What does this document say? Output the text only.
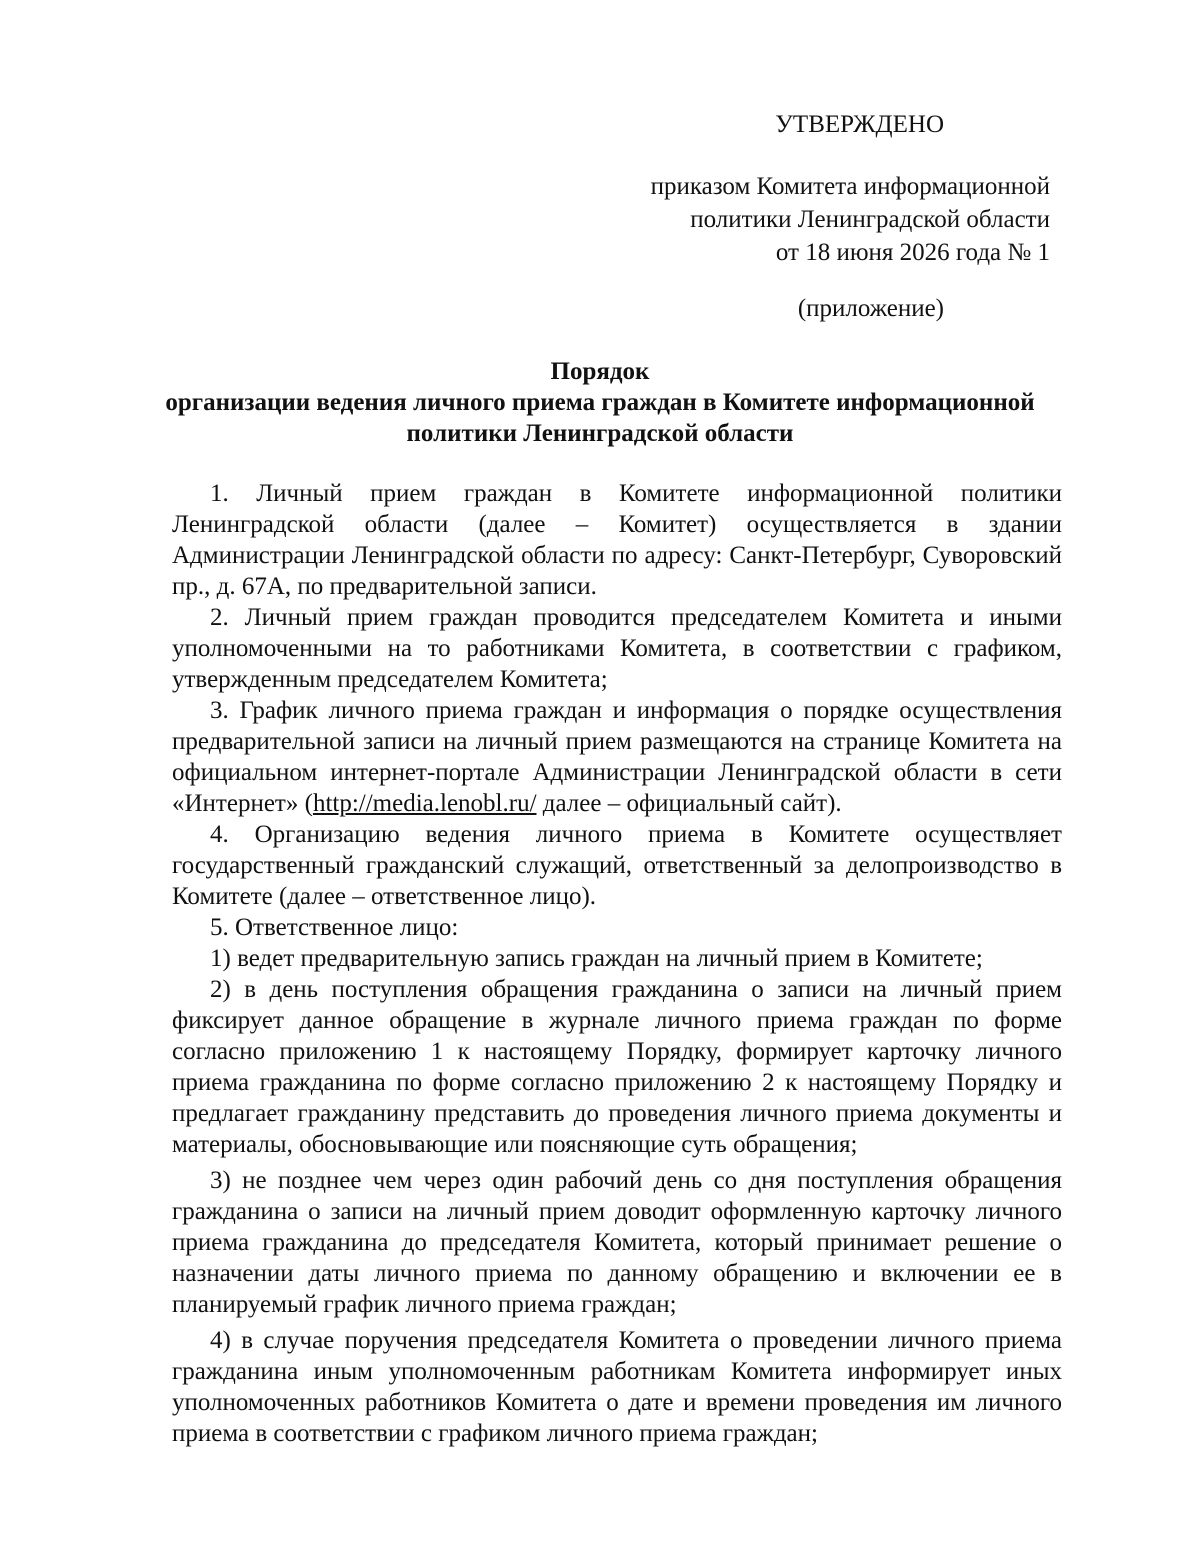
УТВЕРЖДЕНО

приказом Комитета информационной
политики Ленинградской области
от 18 июня 2026 года № 1

(приложение)

Порядок
организации ведения личного приема граждан в Комитете информационной
политики Ленинградской области

1. Личный прием граждан в Комитете информационной политики Ленинградской области (далее – Комитет) осуществляется в здании Администрации Ленинградской области по адресу: Санкт-Петербург, Суворовский пр., д. 67А, по предварительной записи.

2. Личный прием граждан проводится председателем Комитета и иными уполномоченными на то работниками Комитета, в соответствии с графиком, утвержденным председателем Комитета;

3. График личного приема граждан и информация о порядке осуществления предварительной записи на личный прием размещаются на странице Комитета на официальном интернет-портале Администрации Ленинградской области в сети «Интернет» (http://media.lenobl.ru/ далее – официальный сайт).

4. Организацию ведения личного приема в Комитете осуществляет государственный гражданский служащий, ответственный за делопроизводство в Комитете (далее – ответственное лицо).

5. Ответственное лицо:

1) ведет предварительную запись граждан на личный прием в Комитете;

2) в день поступления обращения гражданина о записи на личный прием фиксирует данное обращение в журнале личного приема граждан по форме согласно приложению 1 к настоящему Порядку, формирует карточку личного приема гражданина по форме согласно приложению 2 к настоящему Порядку и предлагает гражданину представить до проведения личного приема документы и материалы, обосновывающие или поясняющие суть обращения;

3) не позднее чем через один рабочий день со дня поступления обращения гражданина о записи на личный прием доводит оформленную карточку личного приема гражданина до председателя Комитета, который принимает решение о назначении даты личного приема по данному обращению и включении ее в планируемый график личного приема граждан;

4) в случае поручения председателя Комитета о проведении личного приема гражданина иным уполномоченным работникам Комитета информирует иных уполномоченных работников Комитета о дате и времени проведения им личного приема в соответствии с графиком личного приема граждан;
